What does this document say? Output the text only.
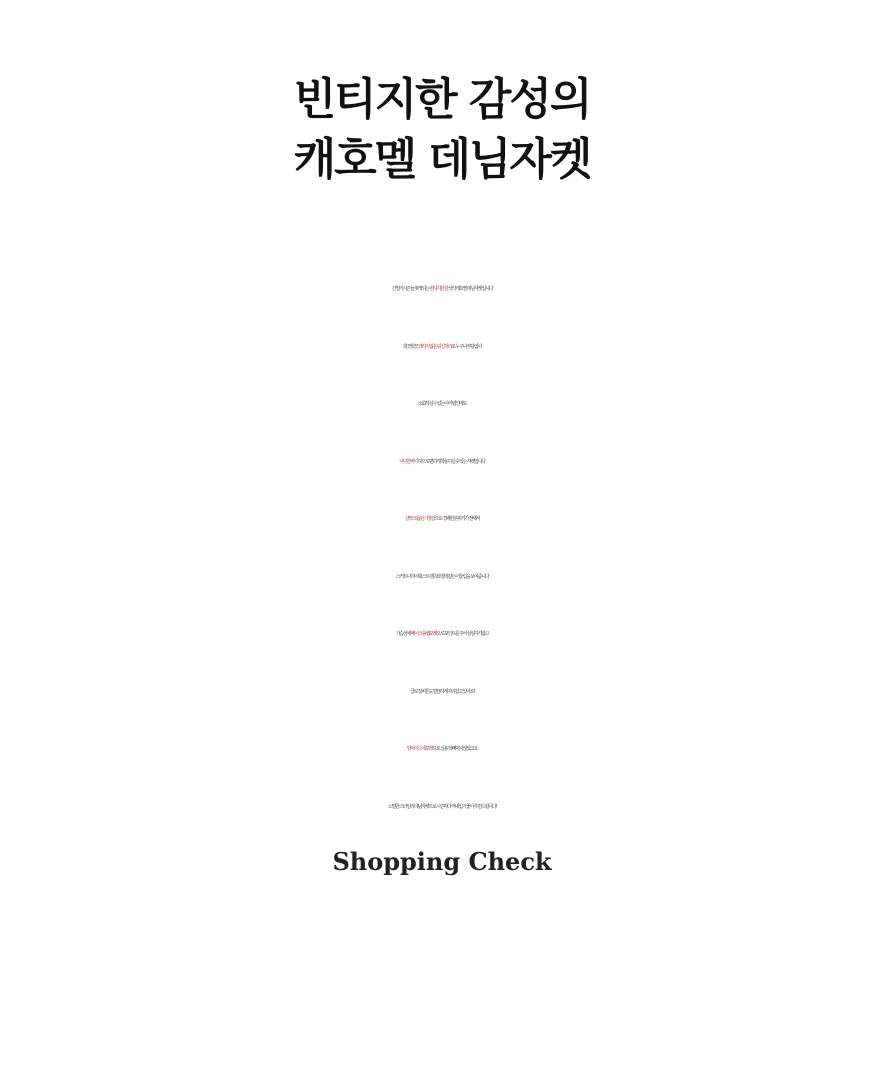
빈티지한 감성의
캐호멜 데님자켓

간절기시즌 늘 찾게되는 빈티지한 감성의 캐호멜 데님자켓 입니다

희끗희끗 과하지 않은 워싱처리로 누구나 부담없이

소화하실 수 있는 아이템인데요

넉넉한 바디핏으로 편하게 착용하실 수 있는 자켓입니다

살짝 크롭된 기장감으로 경쾌한 분위기가 전해져

스커트나 하이웨스트 팬츠와 찰떡같은 어울림을 보여줍니다

가슴선에 페이크 플랩포켓으로 포인트를 주어 심심하지않고

클로징 버튼도 깔끔하게 자리잡고 있어요!

양사이드에 포켓으로 실용적 빼먹지 않았고요

노멀한 스타일의 데님자켓으로 시즌마다 꺼내입기 좋아 추천드립니다!

Shopping Check
